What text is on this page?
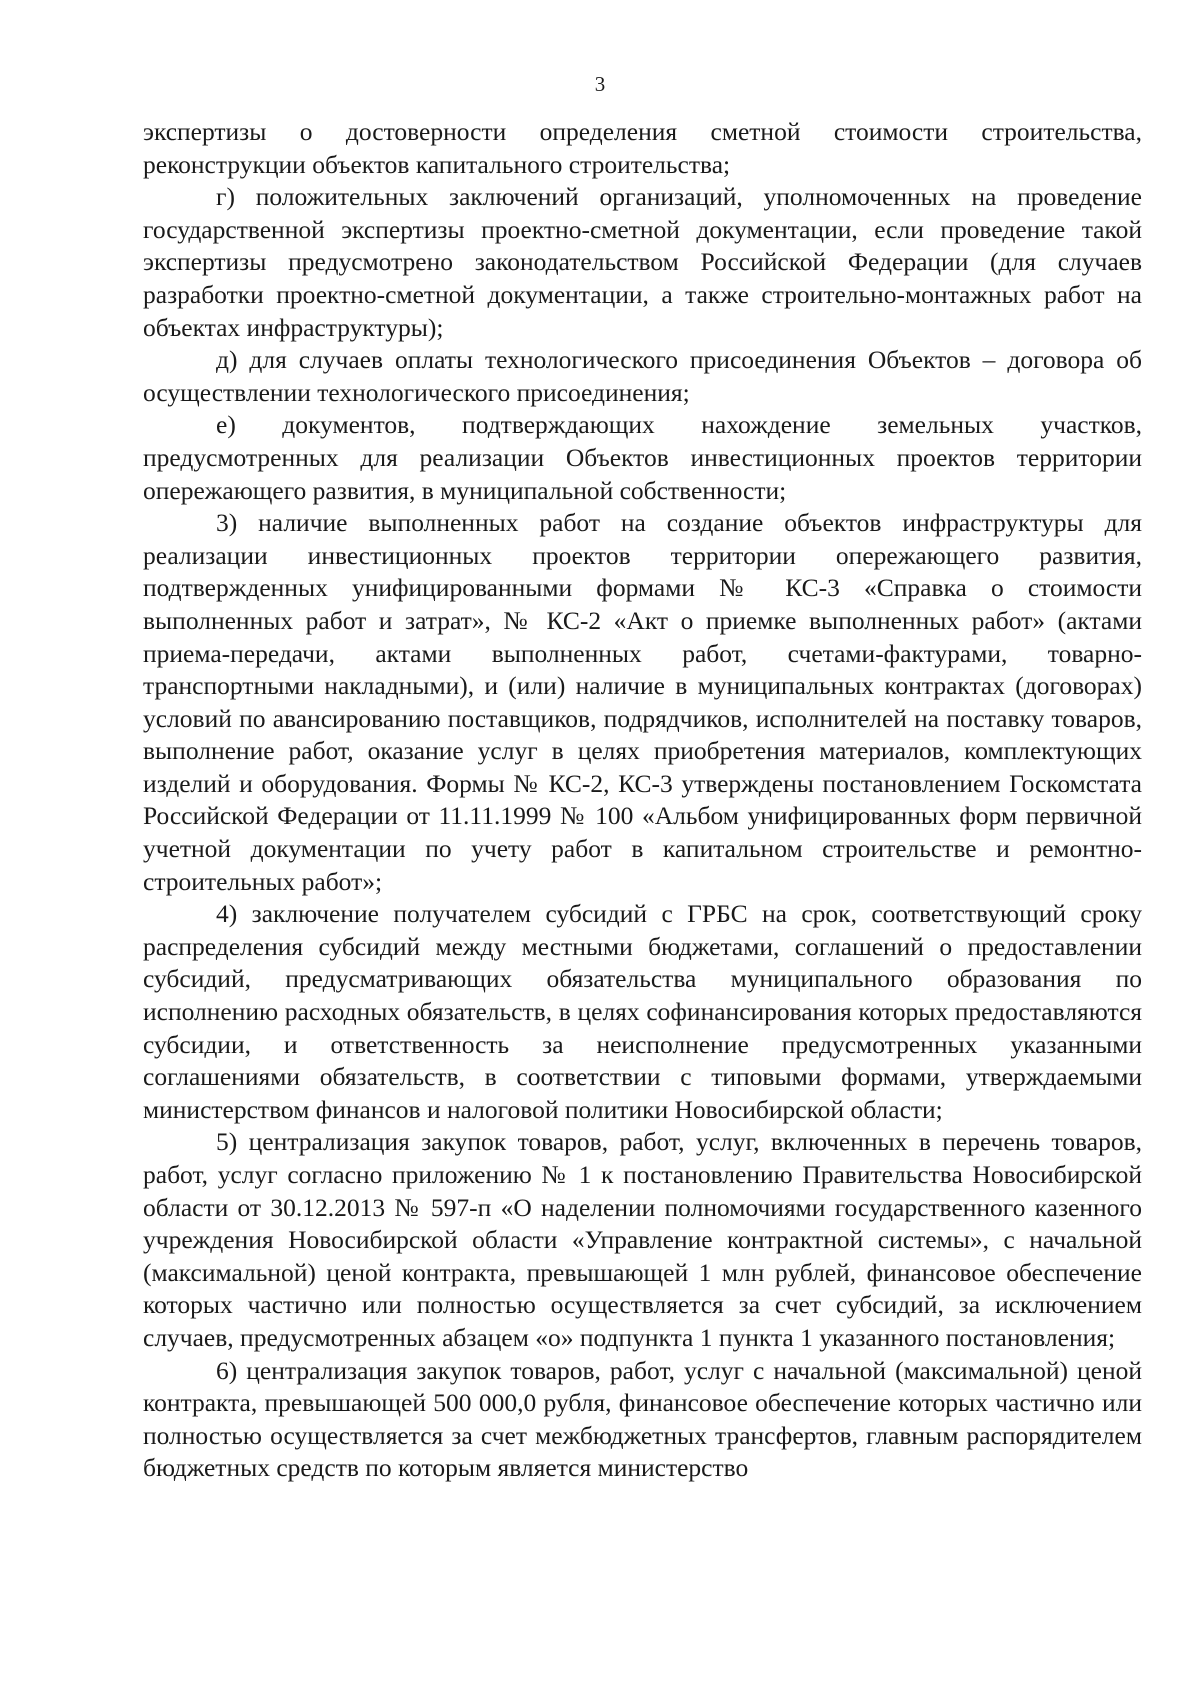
3

экспертизы о достоверности определения сметной стоимости строительства, реконструкции объектов капитального строительства;

г) положительных заключений организаций, уполномоченных на проведение государственной экспертизы проектно-сметной документации, если проведение такой экспертизы предусмотрено законодательством Российской Федерации (для случаев разработки проектно-сметной документации, а также строительно-монтажных работ на объектах инфраструктуры);

д) для случаев оплаты технологического присоединения Объектов – договора об осуществлении технологического присоединения;

е) документов, подтверждающих нахождение земельных участков, предусмотренных для реализации Объектов инвестиционных проектов территории опережающего развития, в муниципальной собственности;

3) наличие выполненных работ на создание объектов инфраструктуры для реализации инвестиционных проектов территории опережающего развития, подтвержденных унифицированными формами № КС-3 «Справка о стоимости выполненных работ и затрат», № КС-2 «Акт о приемке выполненных работ» (актами приема-передачи, актами выполненных работ, счетами-фактурами, товарно-транспортными накладными), и (или) наличие в муниципальных контрактах (договорах) условий по авансированию поставщиков, подрядчиков, исполнителей на поставку товаров, выполнение работ, оказание услуг в целях приобретения материалов, комплектующих изделий и оборудования. Формы № КС-2, КС-3 утверждены постановлением Госкомстата Российской Федерации от 11.11.1999 № 100 «Альбом унифицированных форм первичной учетной документации по учету работ в капитальном строительстве и ремонтно-строительных работ»;

4) заключение получателем субсидий с ГРБС на срок, соответствующий сроку распределения субсидий между местными бюджетами, соглашений о предоставлении субсидий, предусматривающих обязательства муниципального образования по исполнению расходных обязательств, в целях софинансирования которых предоставляются субсидии, и ответственность за неисполнение предусмотренных указанными соглашениями обязательств, в соответствии с типовыми формами, утверждаемыми министерством финансов и налоговой политики Новосибирской области;

5) централизация закупок товаров, работ, услуг, включенных в перечень товаров, работ, услуг согласно приложению № 1 к постановлению Правительства Новосибирской области от 30.12.2013 № 597-п «О наделении полномочиями государственного казенного учреждения Новосибирской области «Управление контрактной системы», с начальной (максимальной) ценой контракта, превышающей 1 млн рублей, финансовое обеспечение которых частично или полностью осуществляется за счет субсидий, за исключением случаев, предусмотренных абзацем «о» подпункта 1 пункта 1 указанного постановления;

6) централизация закупок товаров, работ, услуг с начальной (максимальной) ценой контракта, превышающей 500 000,0 рубля, финансовое обеспечение которых частично или полностью осуществляется за счет межбюджетных трансфертов, главным распорядителем бюджетных средств по которым является министерство
